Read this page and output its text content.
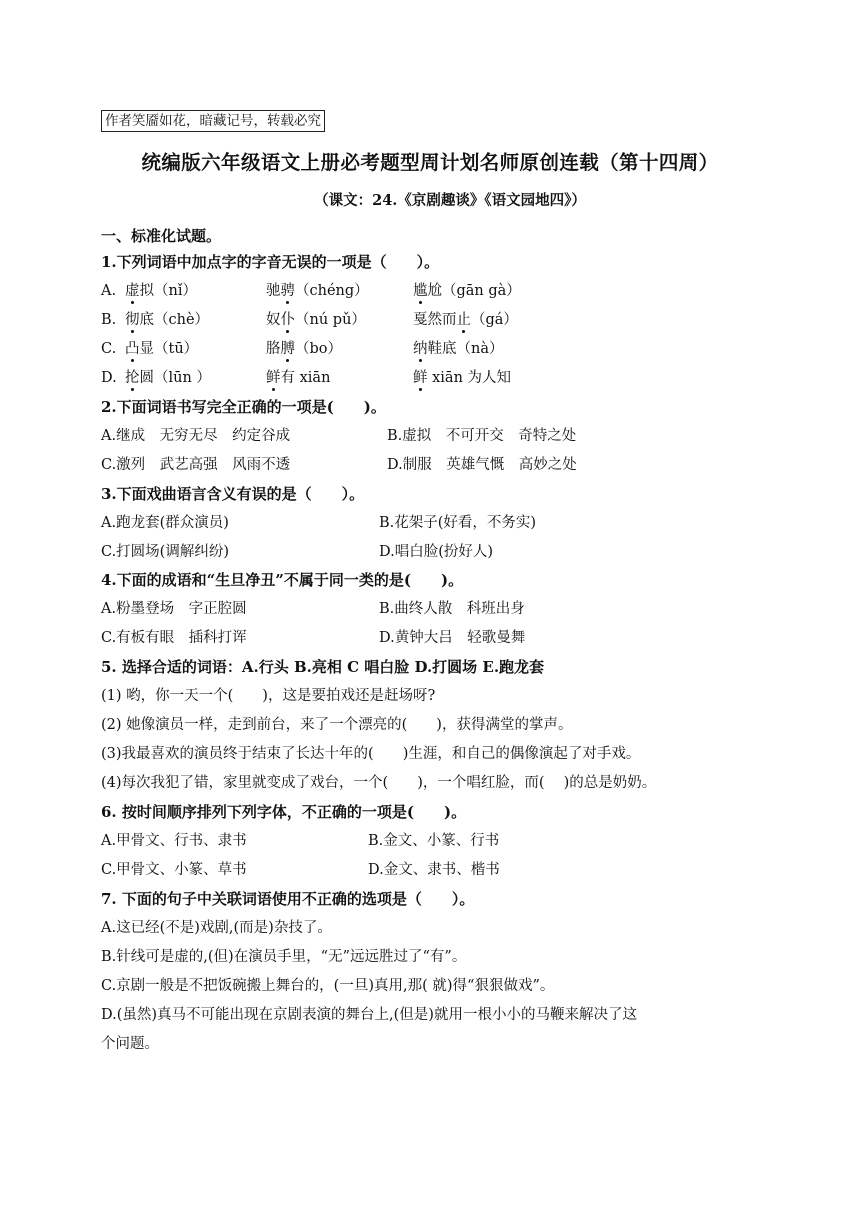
作者笑靥如花，暗藏记号，转载必究
统编版六年级语文上册必考题型周计划名师原创连载（第十四周）
（课文：24.《京剧趣谈》《语文园地四》）
一、标准化试题。
1.下列词语中加点字的字音无误的一项是（　　）。
A. 虚拟（nǐ）	驰骋（chéng）	尴尬（gān gà）
B. 彻底（chè）	奴仆（nú pǔ）	戛然而止（gá）
C. 凸显（tū）	胳膊（bo）	纳鞋底（nà）
D. 抡圆（lūn ）	鲜有 xiān	鲜 xiān 为人知
2.下面词语书写完全正确的一项是(　　)。
A.继成　无穷无尽　约定谷成	B.虚拟　不可开交　奇特之处
C.激列　武艺高强　风雨不透	D.制服　英雄气慨　高妙之处
3.下面戏曲语言含义有误的是（　　）。
A.跑龙套(群众演员)	B.花架子(好看，不务实)
C.打圆场(调解纠纷)	D.唱白脸(扮好人)
4.下面的成语和“生旦净丑”不属于同一类的是(　　)。
A.粉墨登场　字正腔圆	B.曲终人散　科班出身
C.有板有眼　插科打诨	D.黄钟大吕　轻歌曼舞
5. 选择合适的词语：A.行头 B.亮相 C 唱白脸 D.打圆场 E.跑龙套
(1) 哟，你一天一个(　　)，这是要拍戏还是赶场呀?
(2) 她像演员一样，走到前台，来了一个漂亮的(　　)，获得满堂的掌声。
(3)我最喜欢的演员终于结束了长达十年的(　　)生涯，和自己的偶像演起了对手戏。
(4)每次我犯了错，家里就变成了戏台，一个(　　)，一个唱红脸，而(　 )的总是奶奶。
6. 按时间顺序排列下列字体，不正确的一项是(　　)。
A.甲骨文、行书、隶书	B.金文、小篆、行书
C.甲骨文、小篆、草书	D.金文、隶书、楷书
7. 下面的句子中关联词语使用不正确的选项是（　　）。
A.这已经(不是)戏剧,(而是)杂技了。
B.针线可是虚的,(但)在演员手里，“无”远远胜过了“有”。
C.京剧一般是不把饭碗搬上舞台的，(一旦)真用,那( 就)得“狠狠做戏”。
D.(虽然)真马不可能出现在京剧表演的舞台上,(但是)就用一根小小的马鞭来解决了这
个问题。
